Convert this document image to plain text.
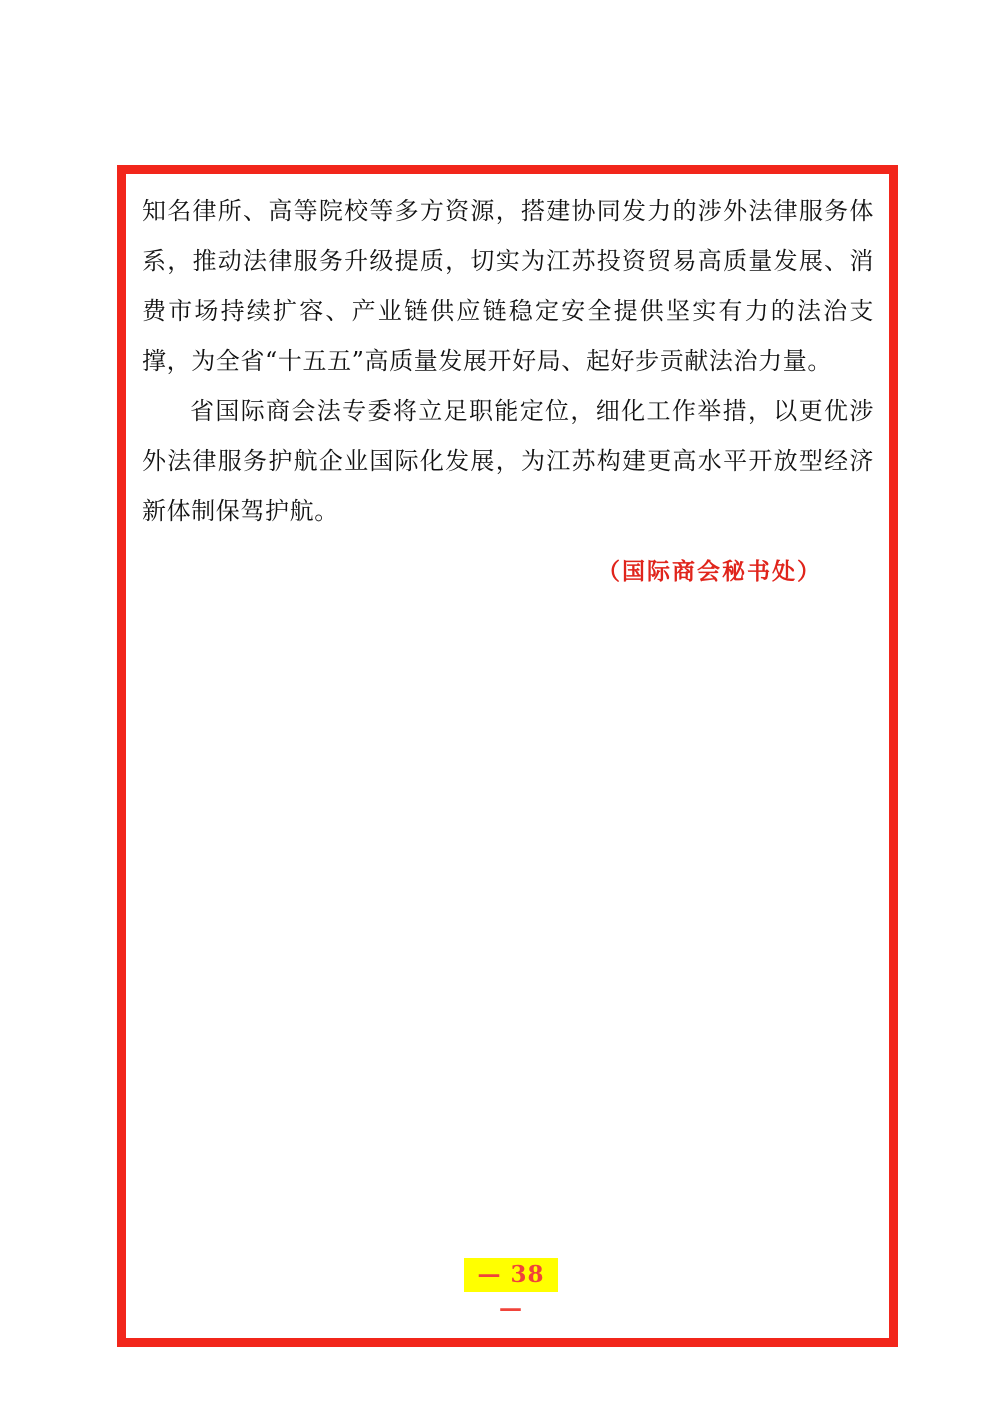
知名律所、高等院校等多方资源，搭建协同发力的涉外法律服务体系，推动法律服务升级提质，切实为江苏投资贸易高质量发展、消费市场持续扩容、产业链供应链稳定安全提供坚实有力的法治支撑，为全省“十五五”高质量发展开好局、起好步贡献法治力量。

省国际商会法专委将立足职能定位，细化工作举措，以更优涉外法律服务护航企业国际化发展，为江苏构建更高水平开放型经济新体制保驾护航。

（国际商会秘书处）
— 38 —
